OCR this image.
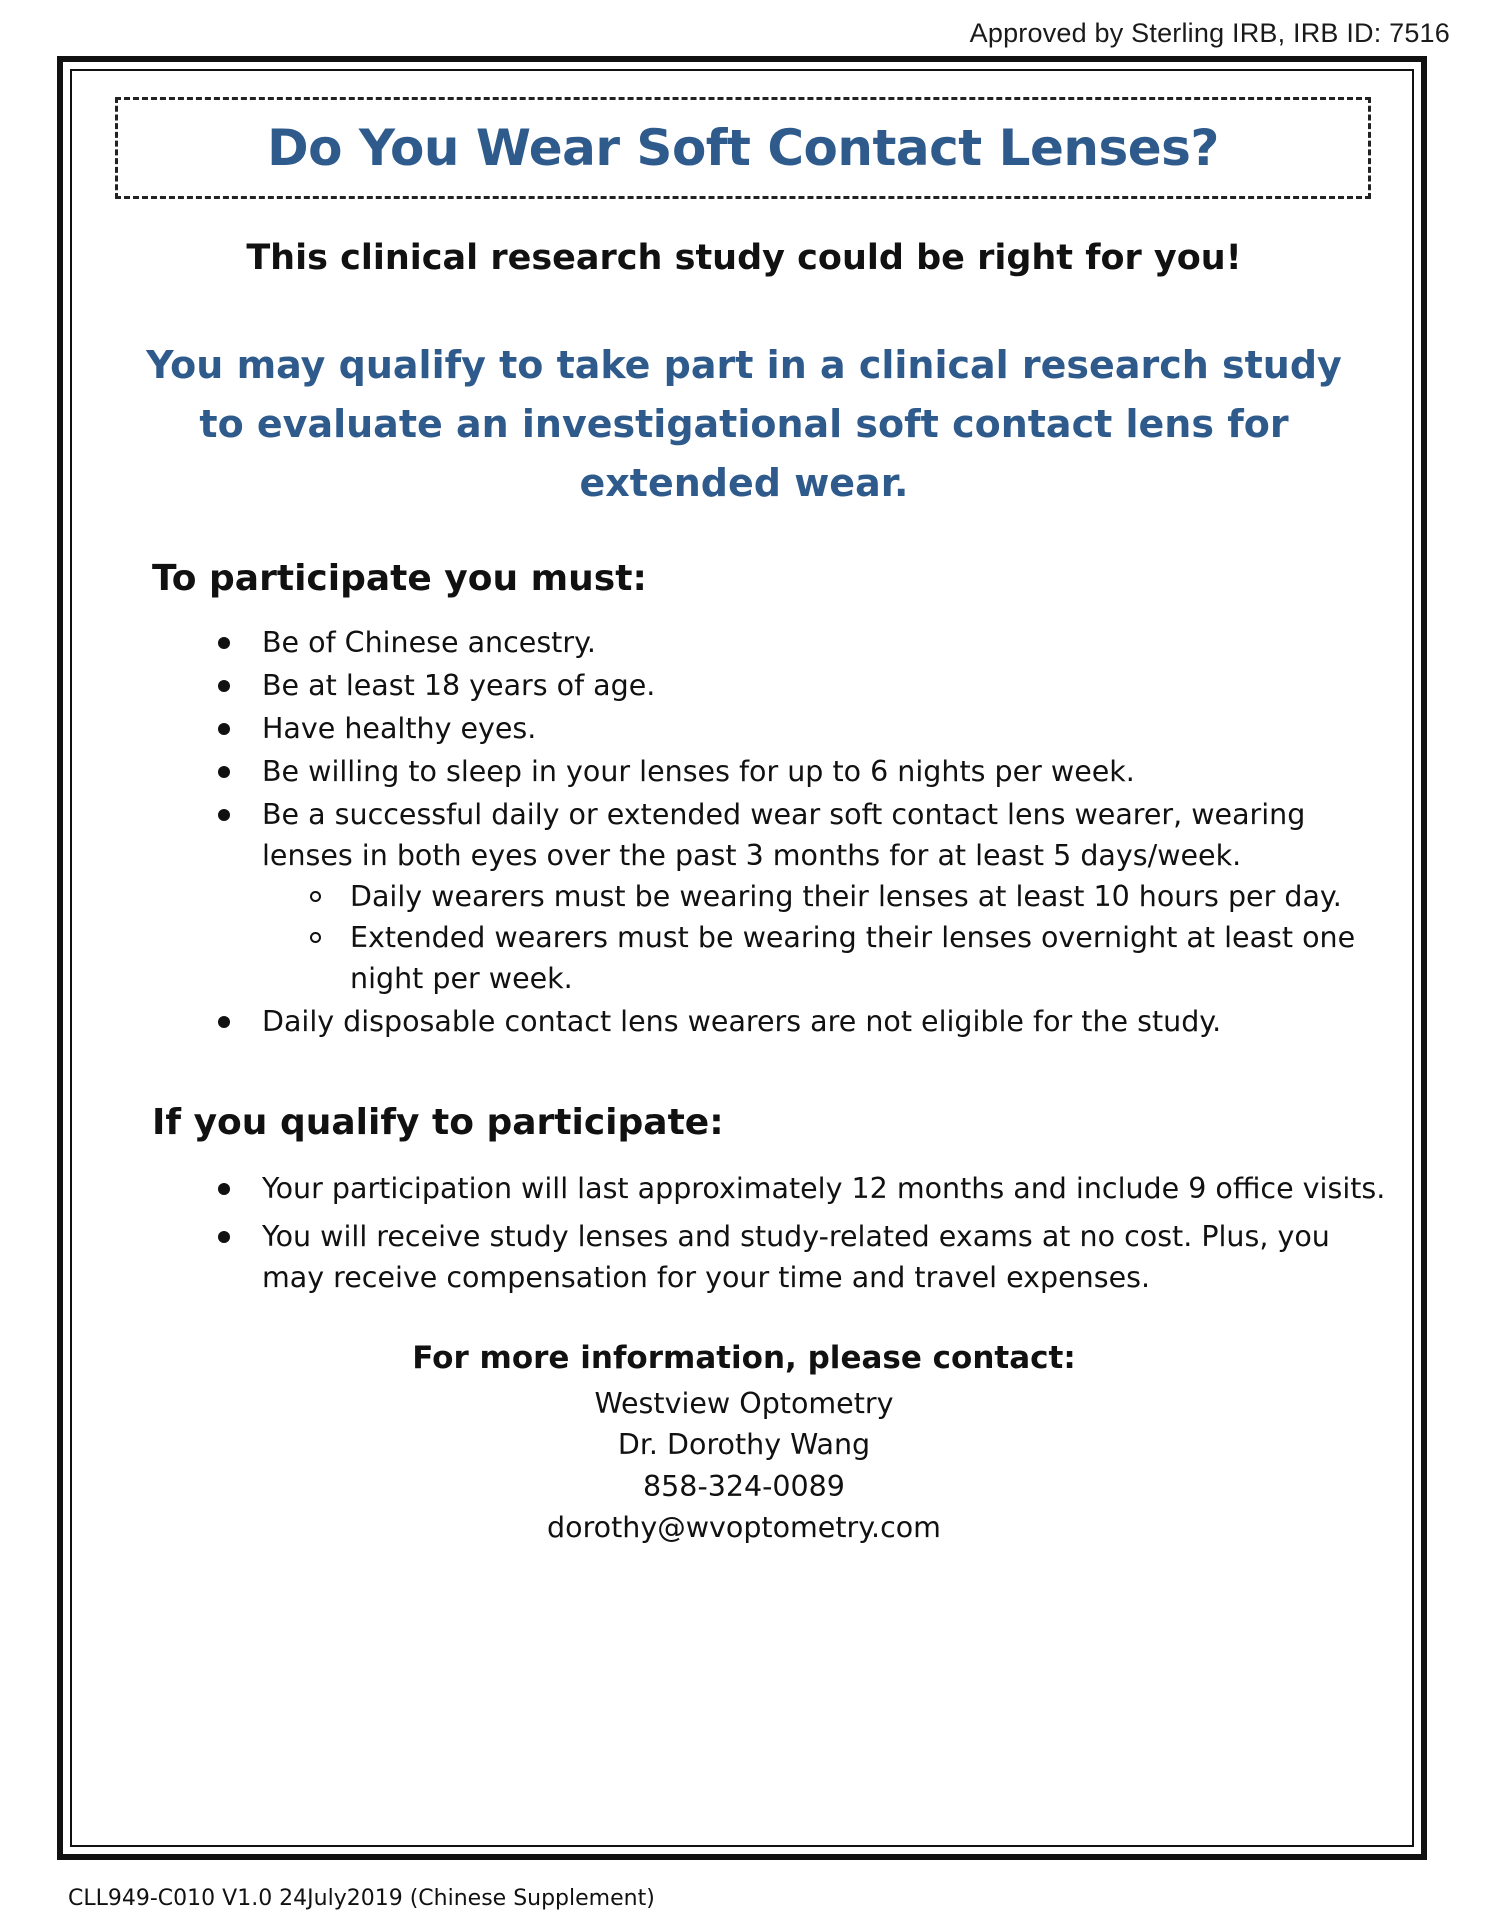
Approved by Sterling IRB, IRB ID: 7516
Do You Wear Soft Contact Lenses?
This clinical research study could be right for you!
You may qualify to take part in a clinical research study to evaluate an investigational soft contact lens for extended wear.
To participate you must:
Be of Chinese ancestry.
Be at least 18 years of age.
Have healthy eyes.
Be willing to sleep in your lenses for up to 6 nights per week.
Be a successful daily or extended wear soft contact lens wearer, wearing lenses in both eyes over the past 3 months for at least 5 days/week.
Daily wearers must be wearing their lenses at least 10 hours per day.
Extended wearers must be wearing their lenses overnight at least one night per week.
Daily disposable contact lens wearers are not eligible for the study.
If you qualify to participate:
Your participation will last approximately 12 months and include 9 office visits.
You will receive study lenses and study-related exams at no cost. Plus, you may receive compensation for your time and travel expenses.
For more information, please contact:
Westview Optometry
Dr. Dorothy Wang
858-324-0089
dorothy@wvoptometry.com
CLL949-C010 V1.0 24July2019 (Chinese Supplement)
